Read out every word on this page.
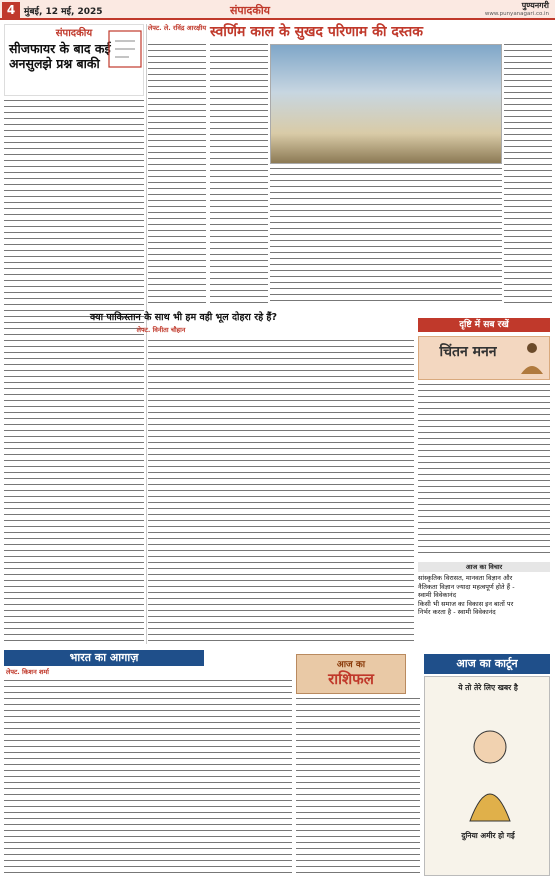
4 मुंबई, 12 मई, 2025	संपादकीय	पुण्यनगरी
www.punyanagari.co.in
संपादकीय
सीजफायर के बाद कई अनसुलझे प्रश्न बाकी
लेफ्ट. ले. रविंद्र आरक्षीय स्वर्णिम काल के सुखद परिणाम की दस्तक
क्या पाकिस्तान के साथ भी हम वही भूल दोहरा रहे हैं?
लेफ्ट. विनीता चौहान	दृष्टि में सब रखें
चिंतन मनन
आज का विचार
सांस्कृतिक विरासत, मानवता विज्ञान और
नैतिकता विज्ञान ज्यादा महत्वपूर्ण होते हैं -
स्वामी विवेकानंद
किसी भी समाज का विकास इन बातों पर
निर्भर करता है - स्वामी विवेकानंद
भारत का आगाज़
लेफ्ट. किशन शर्मा
आज का
राशिफल
आज का कार्टून
ये तो तेरे लिए खबर है
दुनिया अमीर हो गई
